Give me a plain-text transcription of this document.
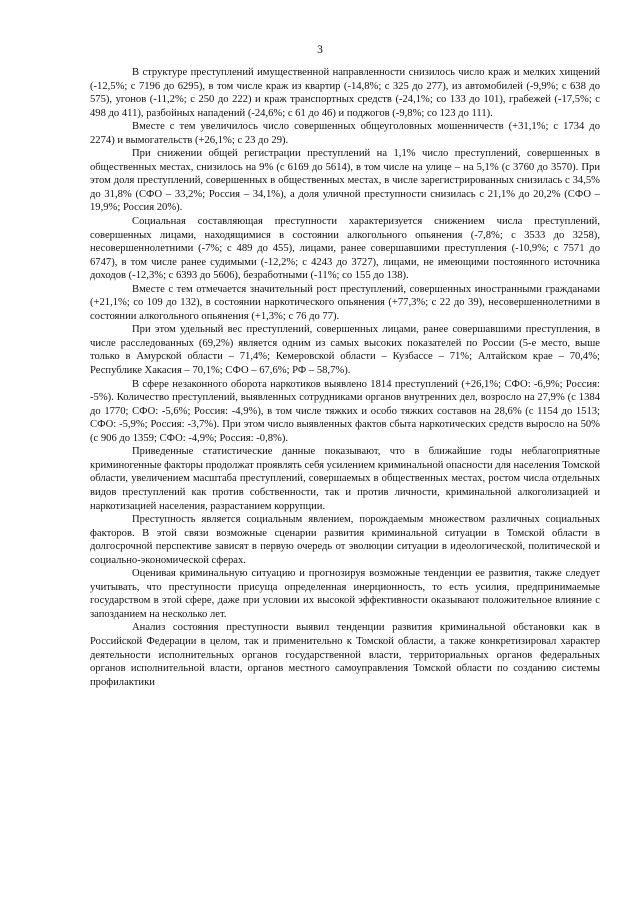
3

В структуре преступлений имущественной направленности снизилось число краж и мелких хищений (-12,5%; с 7196 до 6295), в том числе краж из квартир (-14,8%; с 325 до 277), из автомобилей (-9,9%; с 638 до 575), угонов (-11,2%; с 250 до 222) и краж транспортных средств (-24,1%; со 133 до 101), грабежей (-17,5%; с 498 до 411), разбойных нападений (-24,6%; с 61 до 46) и поджогов (-9,8%; со 123 до 111).

Вместе с тем увеличилось число совершенных общеуголовных мошенничеств (+31,1%; с 1734 до 2274) и вымогательств (+26,1%; с 23 до 29).

При снижении общей регистрации преступлений на 1,1% число преступлений, совершенных в общественных местах, снизилось на 9% (с 6169 до 5614), в том числе на улице – на 5,1% (с 3760 до 3570). При этом доля преступлений, совершенных в общественных местах, в числе зарегистрированных снизилась с 34,5% до 31,8% (СФО – 33,2%; Россия – 34,1%), а доля уличной преступности снизилась с 21,1% до 20,2% (СФО – 19,9%; Россия 20%).

Социальная составляющая преступности характеризуется снижением числа преступлений, совершенных лицами, находящимися в состоянии алкогольного опьянения (-7,8%; с 3533 до 3258), несовершеннолетними (-7%; с 489 до 455), лицами, ранее совершавшими преступления (-10,9%; с 7571 до 6747), в том числе ранее судимыми (-12,2%; с 4243 до 3727), лицами, не имеющими постоянного источника доходов (-12,3%; с 6393 до 5606), безработными (-11%; со 155 до 138).

Вместе с тем отмечается значительный рост преступлений, совершенных иностранными гражданами (+21,1%; со 109 до 132), в состоянии наркотического опьянения (+77,3%; с 22 до 39), несовершеннолетними в состоянии алкогольного опьянения (+1,3%; с 76 до 77).

При этом удельный вес преступлений, совершенных лицами, ранее совершавшими преступления, в числе расследованных (69,2%) является одним из самых высоких показателей по России (5-е место, выше только в Амурской области – 71,4%; Кемеровской области – Кузбассе – 71%; Алтайском крае – 70,4%; Республике Хакасия – 70,1%; СФО – 67,6%; РФ – 58,7%).

В сфере незаконного оборота наркотиков выявлено 1814 преступлений (+26,1%; СФО: -6,9%; Россия: -5%). Количество преступлений, выявленных сотрудниками органов внутренних дел, возросло на 27,9% (с 1384 до 1770; СФО: -5,6%; Россия: -4,9%), в том числе тяжких и особо тяжких составов на 28,6% (с 1154 до 1513; СФО: -5,9%; Россия: -3,7%). При этом число выявленных фактов сбыта наркотических средств выросло на 50% (с 906 до 1359; СФО: -4,9%; Россия: -0,8%).

Приведенные статистические данные показывают, что в ближайшие годы неблагоприятные криминогенные факторы продолжат проявлять себя усилением криминальной опасности для населения Томской области, увеличением масштаба преступлений, совершаемых в общественных местах, ростом числа отдельных видов преступлений как против собственности, так и против личности, криминальной алкоголизацией и наркотизацией населения, разрастанием коррупции.

Преступность является социальным явлением, порождаемым множеством различных социальных факторов. В этой связи возможные сценарии развития криминальной ситуации в Томской области в долгосрочной перспективе зависят в первую очередь от эволюции ситуации в идеологической, политической и социально-экономической сферах.

Оценивая криминальную ситуацию и прогнозируя возможные тенденции ее развития, также следует учитывать, что преступности присуща определенная инерционность, то есть усилия, предпринимаемые государством в этой сфере, даже при условии их высокой эффективности оказывают положительное влияние с запозданием на несколько лет.

Анализ состояния преступности выявил тенденции развития криминальной обстановки как в Российской Федерации в целом, так и применительно к Томской области, а также конкретизировал характер деятельности исполнительных органов государственной власти, территориальных органов федеральных органов исполнительной власти, органов местного самоуправления Томской области по созданию системы профилактики
